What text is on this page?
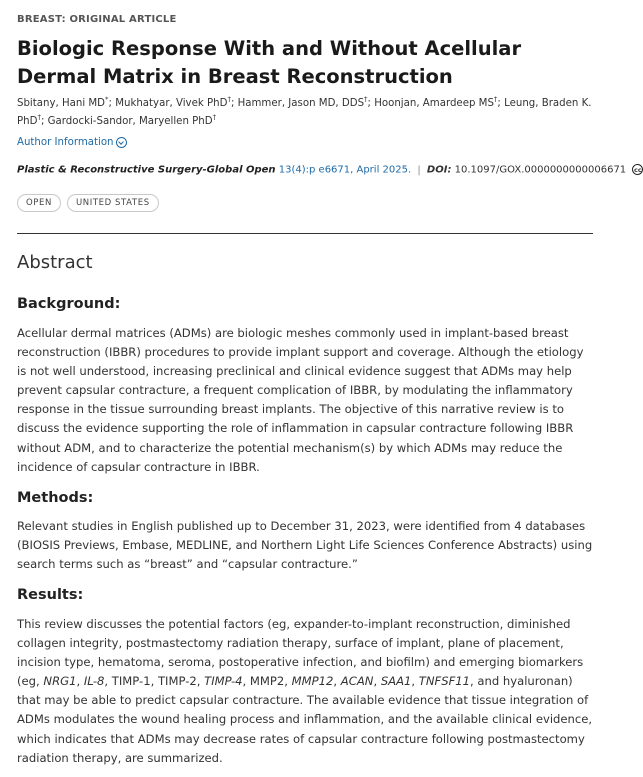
BREAST: ORIGINAL ARTICLE
Biologic Response With and Without Acellular Dermal Matrix in Breast Reconstruction
Sbitany, Hani MD*; Mukhatyar, Vivek PhD†; Hammer, Jason MD, DDS†; Hoonjan, Amardeep MS†; Leung, Braden K. PhD†; Gardocki-Sandor, Maryellen PhD†
Author Information
Plastic & Reconstructive Surgery-Global Open 13(4):p e6671, April 2025. | DOI: 10.1097/GOX.0000000000006671 cc
OPEN	UNITED STATES
Abstract
Background:

Acellular dermal matrices (ADMs) are biologic meshes commonly used in implant-based breast reconstruction (IBBR) procedures to provide implant support and coverage. Although the etiology is not well understood, increasing preclinical and clinical evidence suggest that ADMs may help prevent capsular contracture, a frequent complication of IBBR, by modulating the inflammatory response in the tissue surrounding breast implants. The objective of this narrative review is to discuss the evidence supporting the role of inflammation in capsular contracture following IBBR without ADM, and to characterize the potential mechanism(s) by which ADMs may reduce the incidence of capsular contracture in IBBR.

Methods:

Relevant studies in English published up to December 31, 2023, were identified from 4 databases (BIOSIS Previews, Embase, MEDLINE, and Northern Light Life Sciences Conference Abstracts) using search terms such as “breast” and “capsular contracture.”

Results:

This review discusses the potential factors (eg, expander-to-implant reconstruction, diminished collagen integrity, postmastectomy radiation therapy, surface of implant, plane of placement, incision type, hematoma, seroma, postoperative infection, and biofilm) and emerging biomarkers (eg, NRG1, IL-8, TIMP-1, TIMP-2, TIMP-4, MMP2, MMP12, ACAN, SAA1, TNFSF11, and hyaluronan) that may be able to predict capsular contracture. The available evidence that tissue integration of ADMs modulates the wound healing process and inflammation, and the available clinical evidence, which indicates that ADMs may decrease rates of capsular contracture following postmastectomy radiation therapy, are summarized.
